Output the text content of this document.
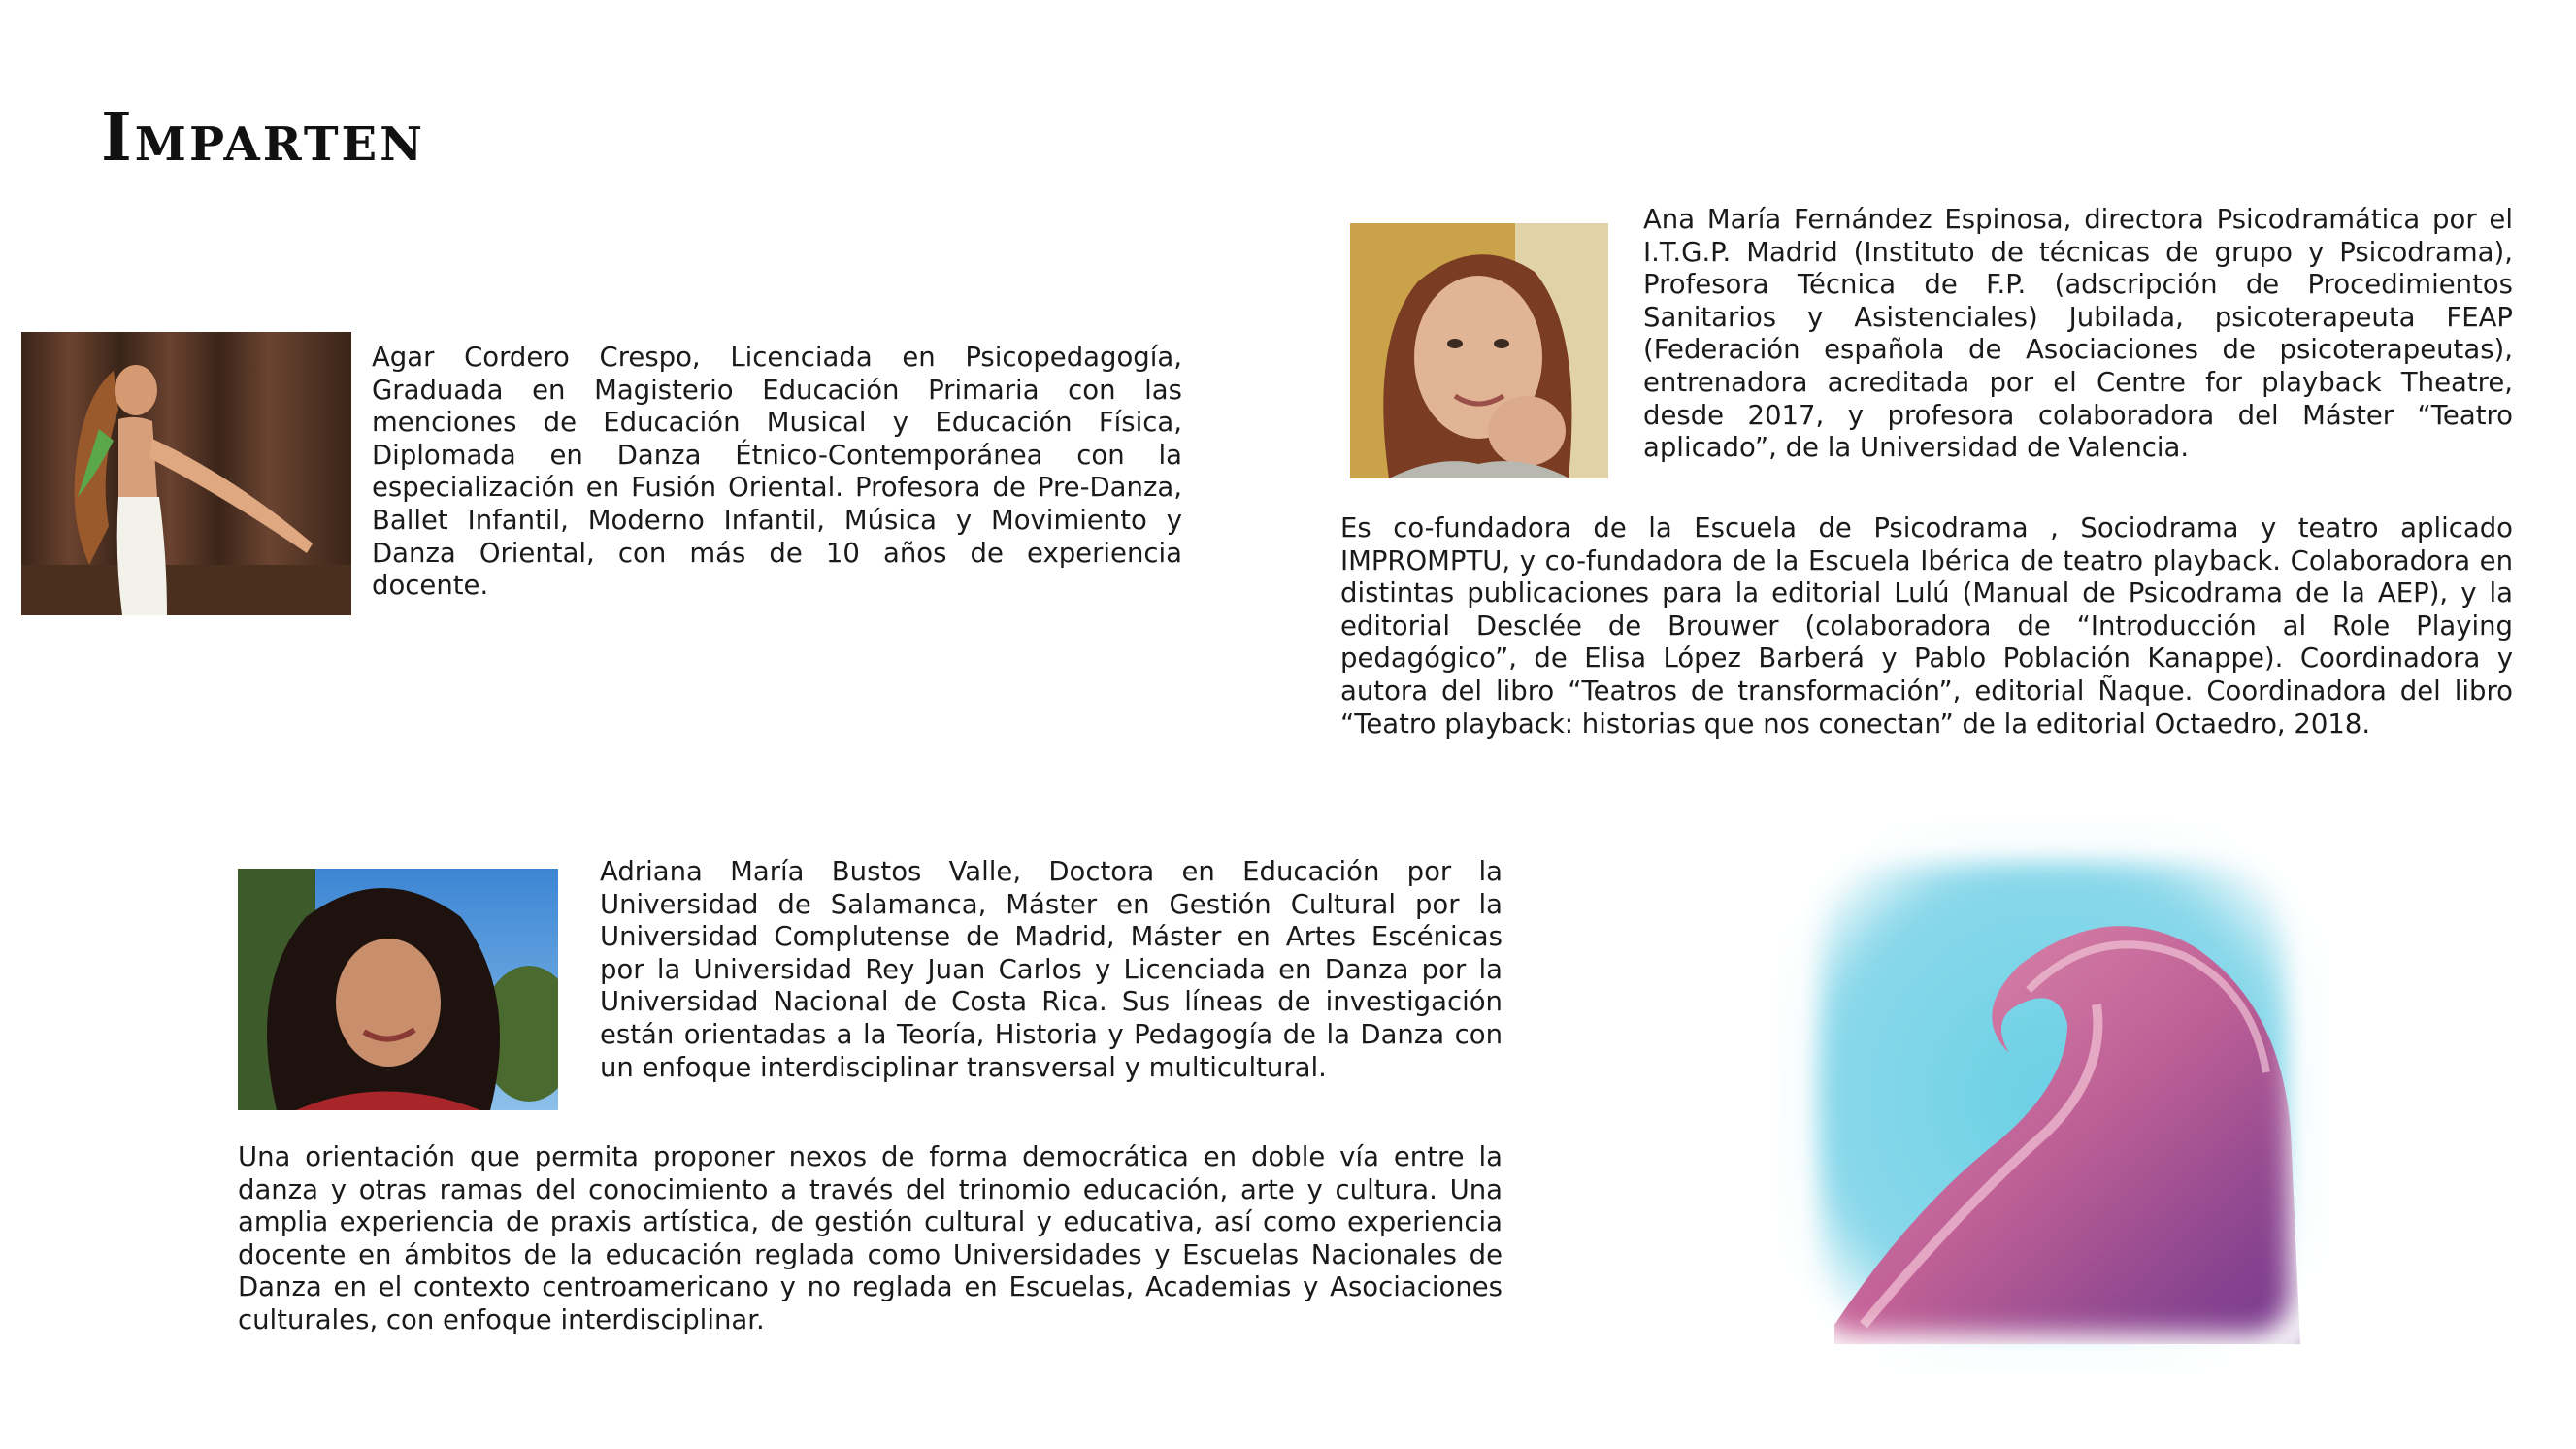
Imparten

Agar Cordero Crespo, Licenciada en Psicopedagogía, Graduada en Magisterio Educación Primaria con las menciones de Educación Musical y Educación Física, Diplomada en Danza Étnico-Contemporánea con la especialización en Fusión Oriental. Profesora de Pre-Danza, Ballet Infantil, Moderno Infantil, Música y Movimiento y Danza Oriental, con más de 10 años de experiencia docente.

Ana María Fernández Espinosa, directora Psicodramática por el I.T.G.P. Madrid (Instituto de técnicas de grupo y Psicodrama), Profesora Técnica de F.P. (adscripción de Procedimientos Sanitarios y Asistenciales) Jubilada, psicoterapeuta FEAP (Federación española de Asociaciones de psicoterapeutas), entrenadora acreditada por el Centre for playback Theatre, desde 2017, y profesora colaboradora del Máster “Teatro aplicado”, de la Universidad de Valencia.

Es co-fundadora de la Escuela de Psicodrama , Sociodrama y teatro aplicado IMPROMPTU, y co-fundadora de la Escuela Ibérica de teatro playback. Colaboradora en distintas publicaciones para la editorial Lulú (Manual de Psicodrama de la AEP), y la editorial Desclée de Brouwer (colaboradora de “Introducción al Role Playing pedagógico”, de Elisa López Barberá y Pablo Población Kanappe). Coordinadora y autora del libro “Teatros de transformación”, editorial Ñaque. Coordinadora del libro “Teatro playback: historias que nos conectan” de la editorial Octaedro, 2018.

Adriana María Bustos Valle, Doctora en Educación por la Universidad de Salamanca, Máster en Gestión Cultural por la Universidad Complutense de Madrid, Máster en Artes Escénicas por la Universidad Rey Juan Carlos y Licenciada en Danza por la Universidad Nacional de Costa Rica. Sus líneas de investigación están orientadas a la Teoría, Historia y Pedagogía de la Danza con un enfoque interdisciplinar transversal y multicultural.

Una orientación que permita proponer nexos de forma democrática en doble vía entre la danza y otras ramas del conocimiento a través del trinomio educación, arte y cultura. Una amplia experiencia de praxis artística, de gestión cultural y educativa, así como experiencia docente en ámbitos de la educación reglada como Universidades y Escuelas Nacionales de Danza en el contexto centroamericano y no reglada en Escuelas, Academias y Asociaciones culturales, con enfoque interdisciplinar.
